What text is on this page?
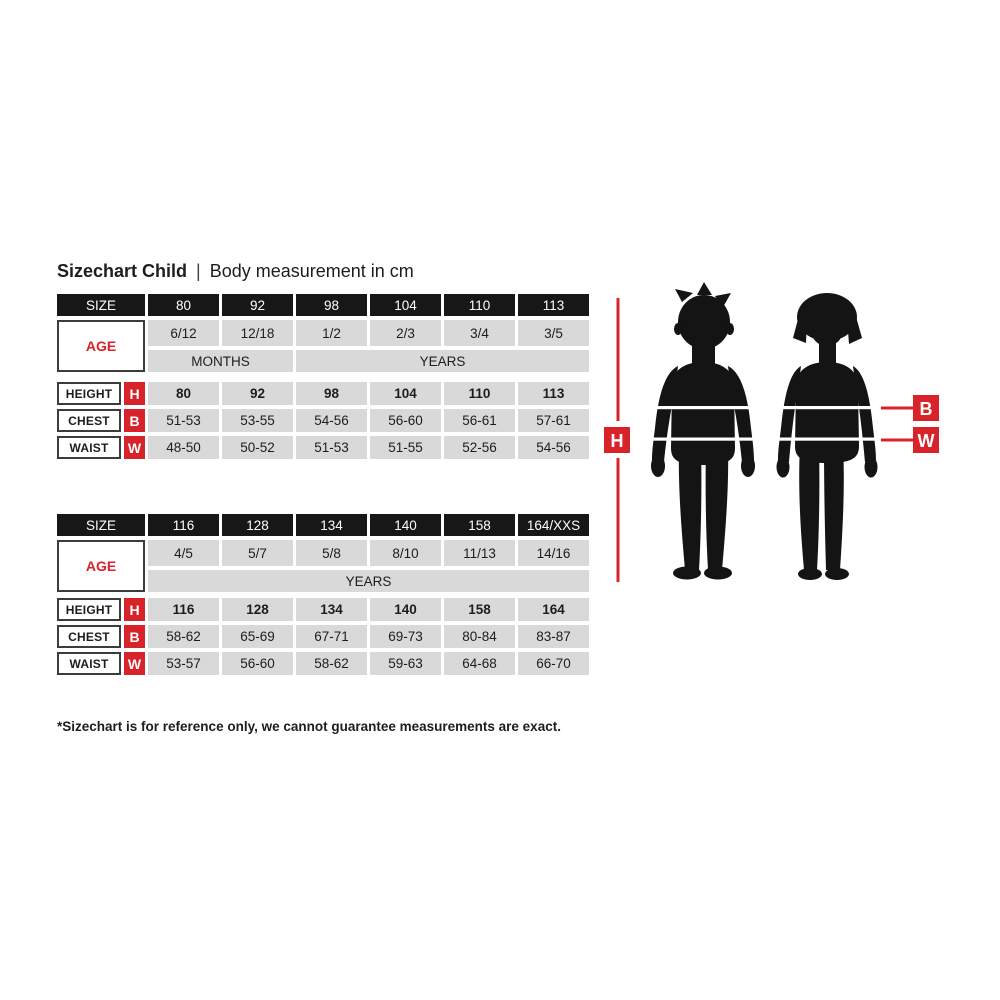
Sizechart Child | Body measurement in cm
SIZE	80	92	98	104	110	113
AGE
6/12	12/18	1/2	2/3	3/4	3/5
MONTHS	YEARS
HEIGHT	H	80	92	98	104	110	113
CHEST	B	51-53	53-55	54-56	56-60	56-61	57-61
WAIST	W	48-50	50-52	51-53	51-55	52-56	54-56
SIZE	116	128	134	140	158	164/XXS
AGE
4/5	5/7	5/8	8/10	11/13	14/16
YEARS
HEIGHT	H	116	128	134	140	158	164
CHEST	B	58-62	65-69	67-71	69-73	80-84	83-87
WAIST	W	53-57	56-60	58-62	59-63	64-68	66-70
*Sizechart is for reference only, we cannot guarantee measurements are exact.
H
B
W
